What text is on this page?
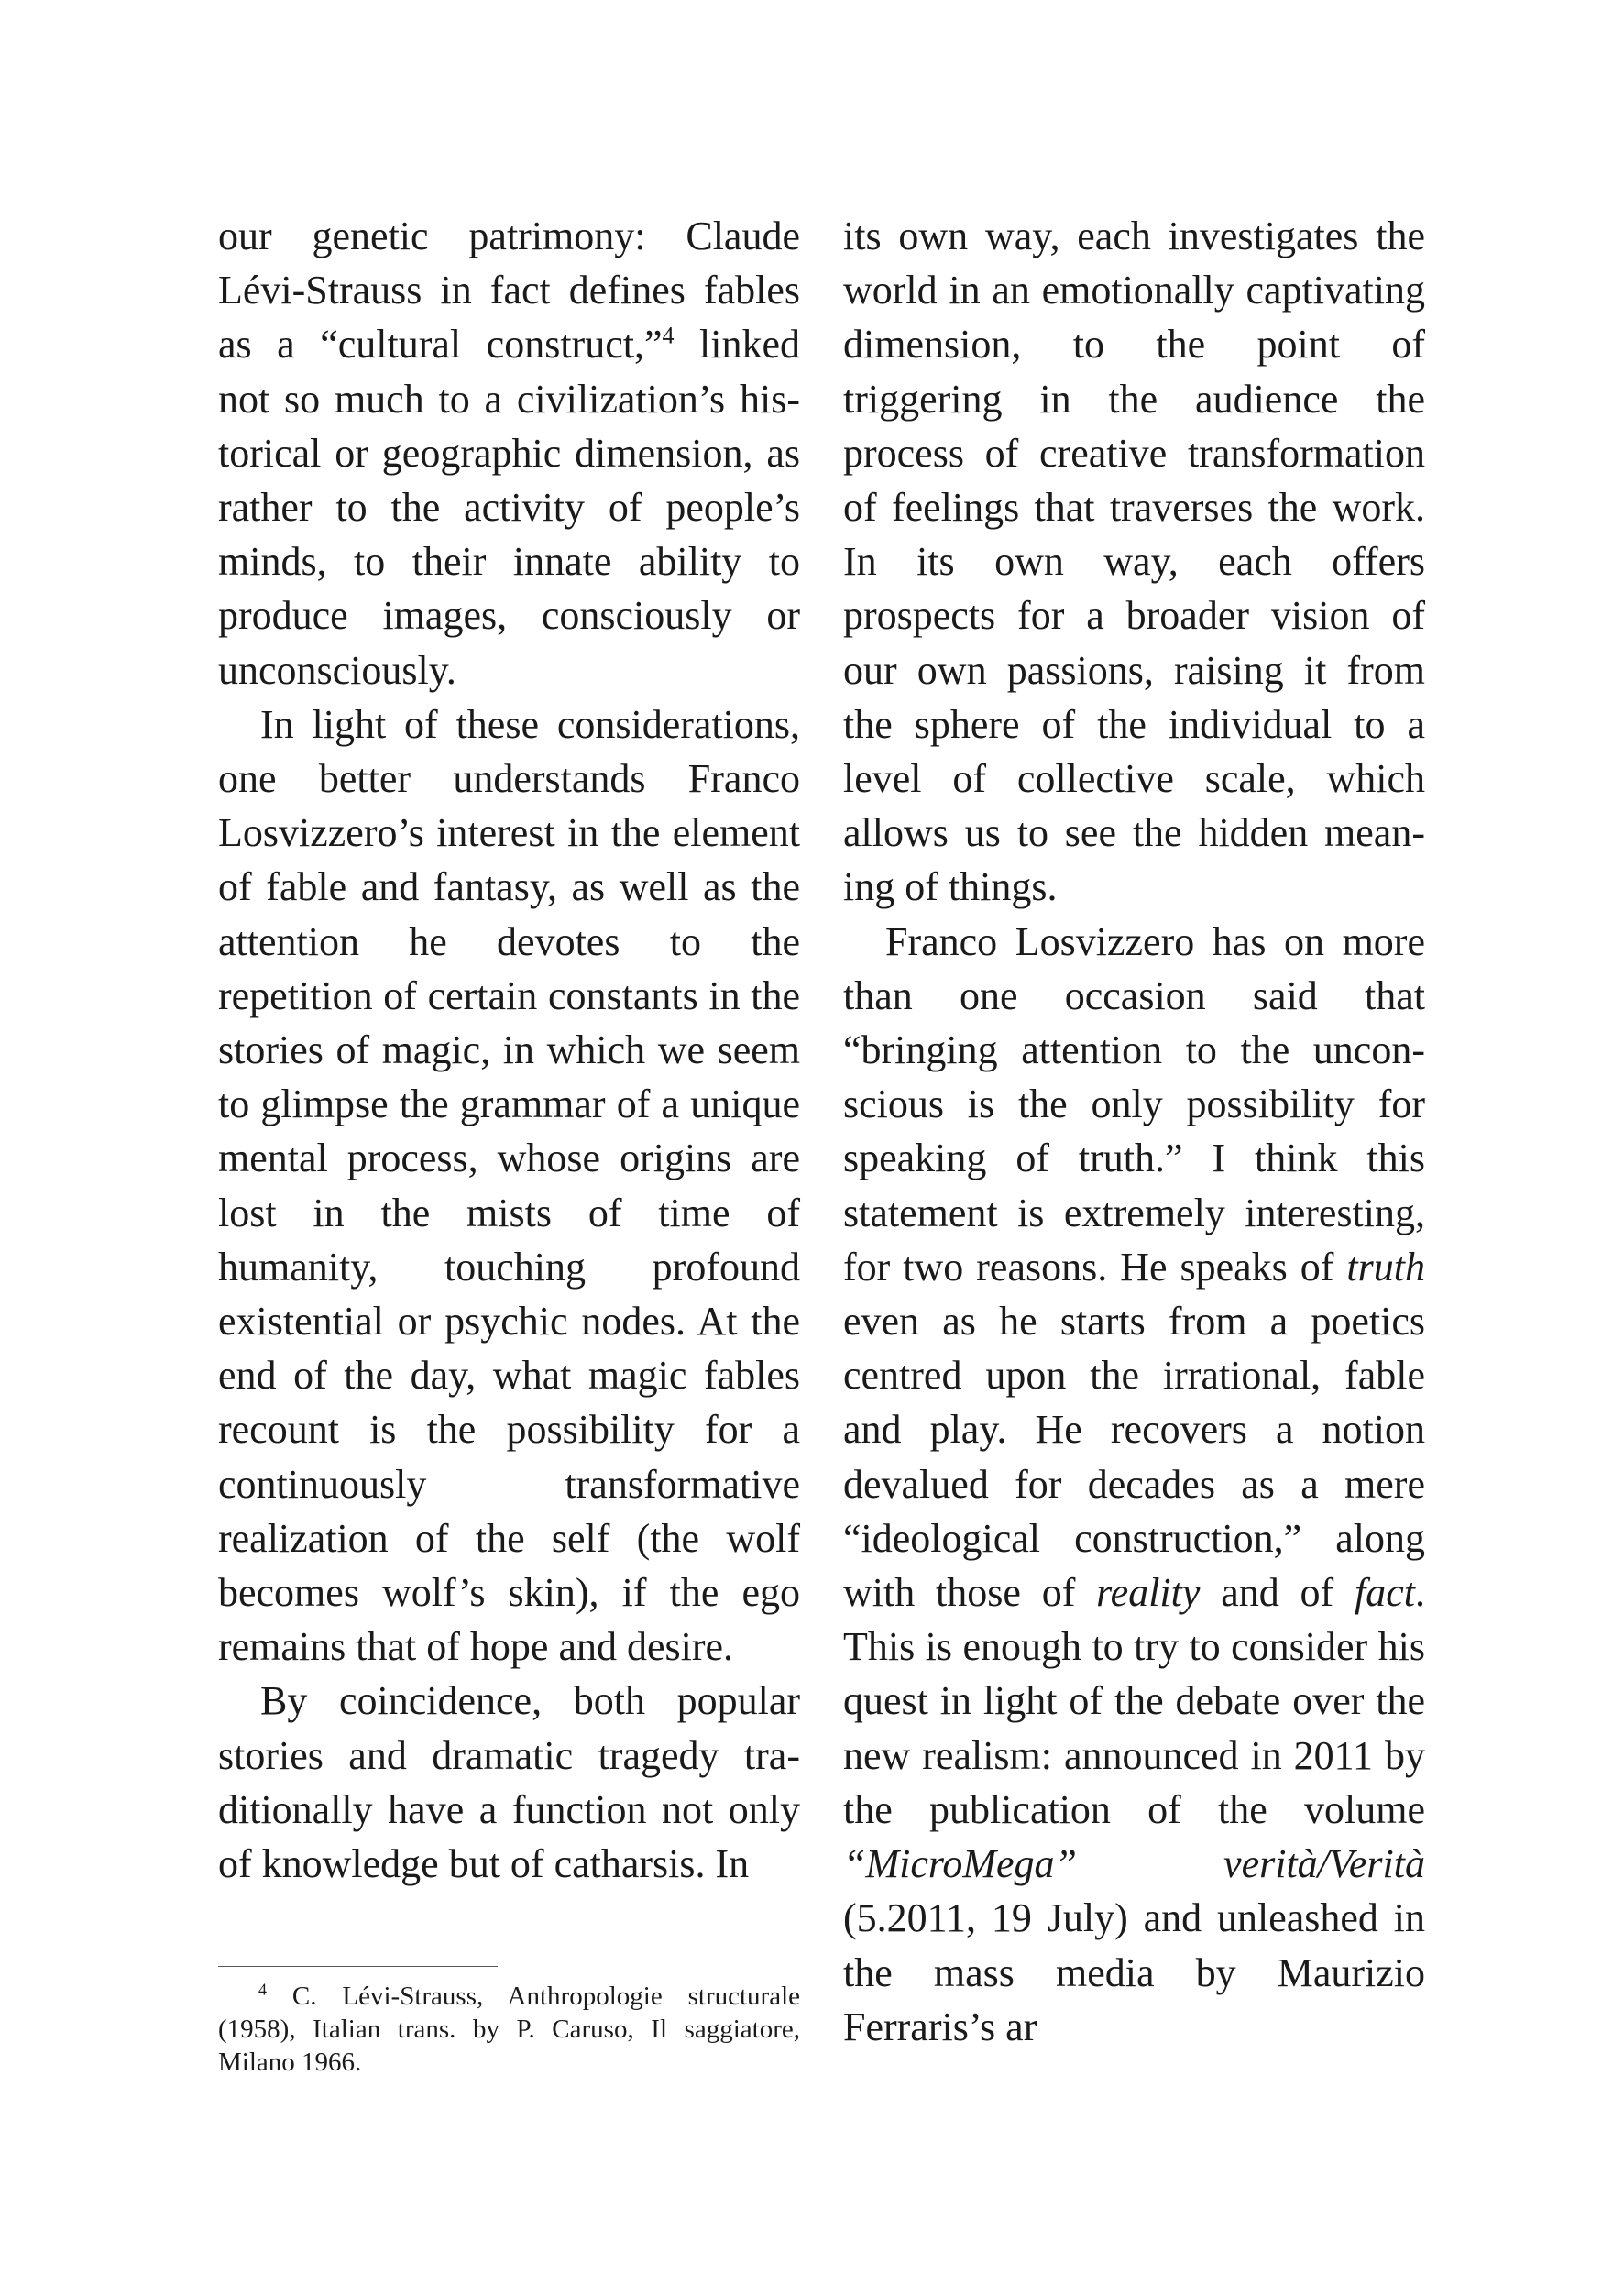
our genetic patrimony: Claude Lévi-Strauss in fact defines fables as a “cultural construct,”$^4$ linked not so much to a civilization’s historical or geographic dimension, as rather to the activity of people’s minds, to their innate ability to produce images, consciously or unconsciously.

In light of these considerations, one better understands Franco Losvizzero’s interest in the element of fable and fantasy, as well as the attention he devotes to the repetition of certain constants in the stories of magic, in which we seem to glimpse the grammar of a unique mental process, whose origins are lost in the mists of time of humanity, touching profound existential or psychic nodes. At the end of the day, what magic fables recount is the possibility for a continuously transformative realization of the self (the wolf becomes wolf’s skin), if the ego remains that of hope and desire.

By coincidence, both popular stories and dramatic tragedy traditionally have a function not only of knowledge but of catharsis. In

its own way, each investigates the world in an emotionally captivating dimension, to the point of triggering in the audience the process of creative transformation of feelings that traverses the work. In its own way, each offers prospects for a broader vision of our own passions, raising it from the sphere of the individual to a level of collective scale, which allows us to see the hidden meaning of things.

Franco Losvizzero has on more than one occasion said that “bringing attention to the unconscious is the only possibility for speaking of truth.” I think this statement is extremely interesting, for two reasons. He speaks of truth even as he starts from a poetics centred upon the irrational, fable and play. He recovers a notion devalued for decades as a mere “ideological construction,” along with those of reality and of fact. This is enough to try to consider his quest in light of the debate over the new realism: announced in 2011 by the publication of the volume “MicroMega” verità/Verità (5.2011, 19 July) and unleashed in the mass media by Maurizio Ferraris’s ar

$^4$ C. Lévi-Strauss, Anthropologie structurale (1958), Italian trans. by P. Caruso, Il saggiatore, Milano 1966.
